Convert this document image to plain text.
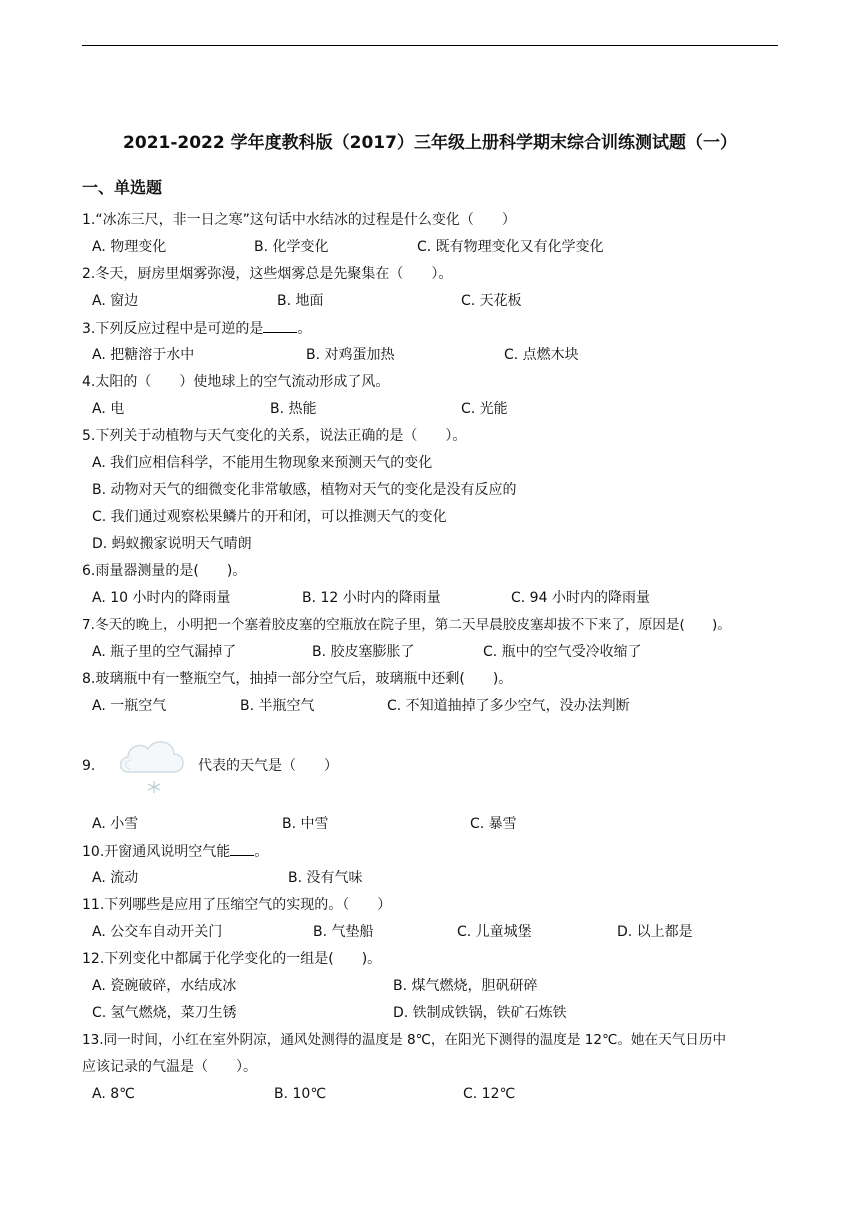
2021-2022 学年度教科版（2017）三年级上册科学期末综合训练测试题（一）
一、单选题
1.“冰冻三尺，非一日之寒”这句话中水结冰的过程是什么变化（　　）
A. 物理变化	B. 化学变化	C. 既有物理变化又有化学变化
2.冬天，厨房里烟雾弥漫，这些烟雾总是先聚集在（　　）。
A. 窗边	B. 地面	C. 天花板
3.下列反应过程中是可逆的是 。
A. 把糖溶于水中	B. 对鸡蛋加热	C. 点燃木块
4.太阳的（　　）使地球上的空气流动形成了风。
A. 电	B. 热能	C. 光能
5.下列关于动植物与天气变化的关系，说法正确的是（　　）。
A. 我们应相信科学，不能用生物现象来预测天气的变化
B. 动物对天气的细微变化非常敏感，植物对天气的变化是没有反应的
C. 我们通过观察松果鳞片的开和闭，可以推测天气的变化
D. 蚂蚁搬家说明天气晴朗
6.雨量器测量的是(　　)。
A. 10 小时内的降雨量	B. 12 小时内的降雨量	C. 94 小时内的降雨量
7.冬天的晚上，小明把一个塞着胶皮塞的空瓶放在院子里，第二天早晨胶皮塞却拔不下来了，原因是(　　)。
A. 瓶子里的空气漏掉了	B. 胶皮塞膨胀了	C. 瓶中的空气受冷收缩了
8.玻璃瓶中有一整瓶空气，抽掉一部分空气后，玻璃瓶中还剩(　　)。
A. 一瓶空气	B. 半瓶空气	C. 不知道抽掉了多少空气，没办法判断
9.	代表的天气是（　　）
A. 小雪	B. 中雪	C. 暴雪
10.开窗通风说明空气能 。
A. 流动	B. 没有气味
11.下列哪些是应用了压缩空气的实现的。（　　）
A. 公交车自动开关门	B. 气垫船	C. 儿童城堡	D. 以上都是
12.下列变化中都属于化学变化的一组是(　　)。
A. 瓷碗破碎，水结成冰	B. 煤气燃烧，胆矾研碎
C. 氢气燃烧，菜刀生锈	D. 铁制成铁锅，铁矿石炼铁
13.同一时间，小红在室外阴凉，通风处测得的温度是 8℃，在阳光下测得的温度是 12℃。她在天气日历中
应该记录的气温是（　　）。
A. 8℃	B. 10℃	C. 12℃
